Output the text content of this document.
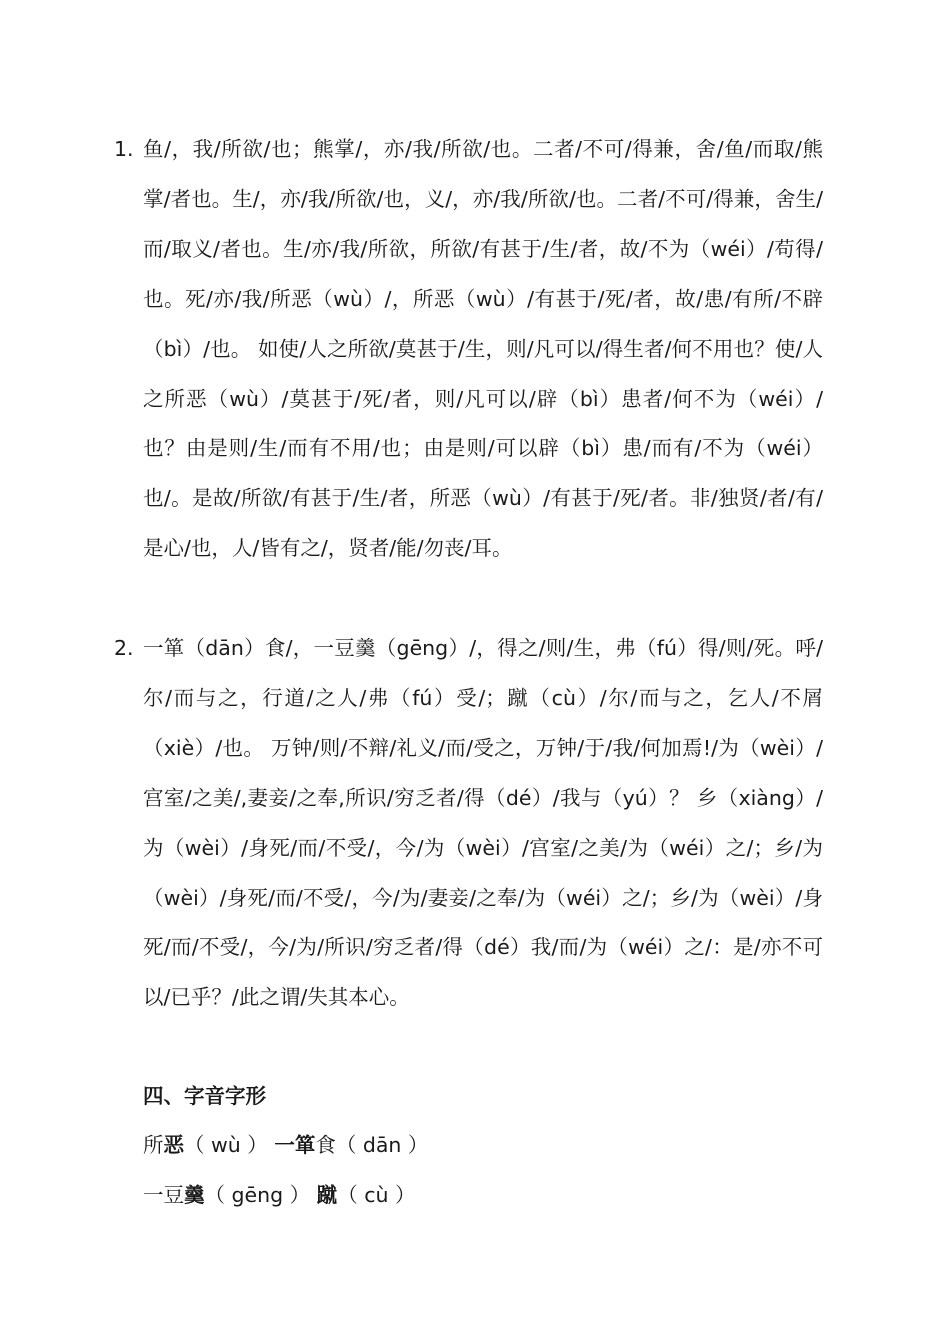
1. 鱼/，我/所欲/也；熊掌/，亦/我/所欲/也。二者/不可/得兼，舍/鱼/而取/熊掌/者也。生/，亦/我/所欲/也，义/，亦/我/所欲/也。二者/不可/得兼，舍生/而/取义/者也。生/亦/我/所欲，所欲/有甚于/生/者，故/不为（wéi）/苟得/也。死/亦/我/所恶（wù）/，所恶（wù）/有甚于/死/者，故/患/有所/不辟（bì）/也。 如使/人之所欲/莫甚于/生，则/凡可以/得生者/何不用也？使/人之所恶（wù）/莫甚于/死/者，则/凡可以/辟（bì）患者/何不为（wéi）/也？由是则/生/而有不用/也；由是则/可以辟（bì）患/而有/不为（wéi）也/。是故/所欲/有甚于/生/者，所恶（wù）/有甚于/死/者。非/独贤/者/有/是心/也，人/皆有之/，贤者/能/勿丧/耳。

2. 一箪（dān）食/，一豆羹（gēng）/，得之/则/生，弗（fú）得/则/死。呼/尔/而与之，行道/之人/弗（fú）受/；蹴（cù）/尔/而与之，乞人/不屑（xiè）/也。 万钟/则/不辩/礼义/而/受之，万钟/于/我/何加焉!/为（wèi）/宫室/之美/,妻妾/之奉,所识/穷乏者/得（dé）/我与（yú）？ 乡（xiàng）/为（wèi）/身死/而/不受/，今/为（wèi）/宫室/之美/为（wéi）之/；乡/为（wèi）/身死/而/不受/，今/为/妻妾/之奉/为（wéi）之/；乡/为（wèi）/身死/而/不受/，今/为/所识/穷乏者/得（dé）我/而/为（wéi）之/：是/亦不可以/已乎？/此之谓/失其本心。

四、字音字形
所恶（ wù ） 一箪食（ dān ）
一豆羹（ gēng ） 蹴（ cù ）
